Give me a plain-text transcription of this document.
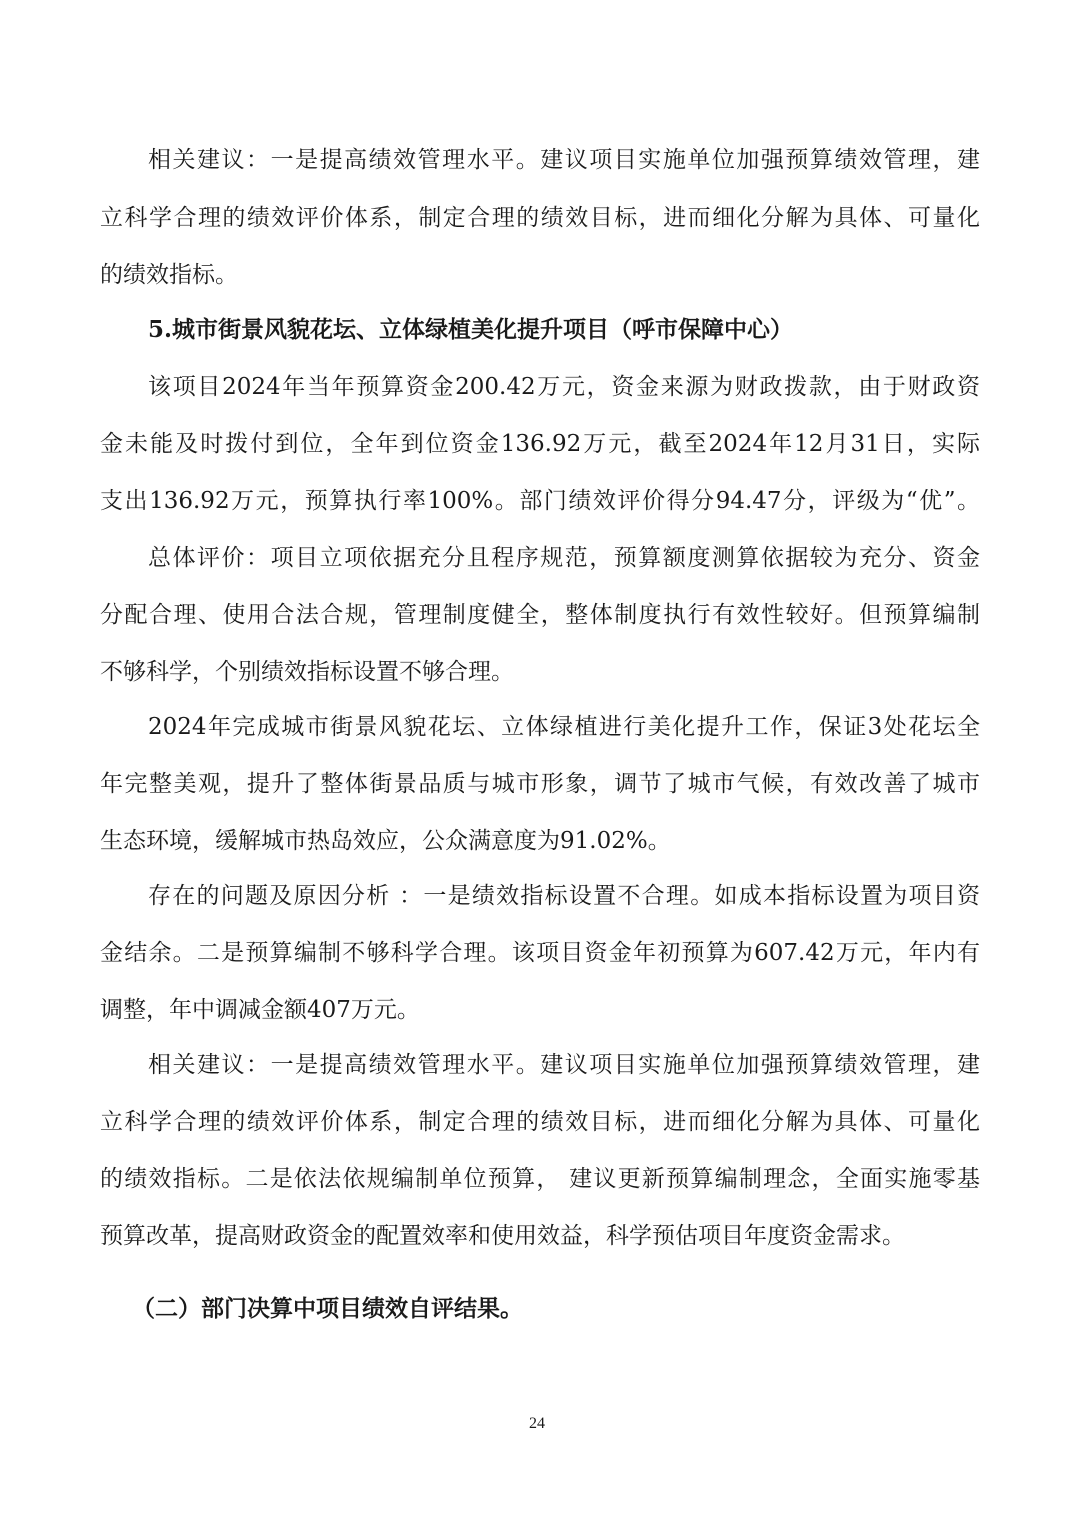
相关建议：一是提高绩效管理水平。建议项目实施单位加强预算绩效管理，建
立科学合理的绩效评价体系，制定合理的绩效目标，进而细化分解为具体、可量化
的绩效指标。
5.城市街景风貌花坛、立体绿植美化提升项目（呼市保障中心）
该项目2024年当年预算资金200.42万元，资金来源为财政拨款，由于财政资
金未能及时拨付到位，全年到位资金136.92万元，截至2024年12月31日，实际
支出136.92万元，预算执行率100%。部门绩效评价得分94.47分，评级为“优”。
总体评价：项目立项依据充分且程序规范，预算额度测算依据较为充分、资金
分配合理、使用合法合规，管理制度健全，整体制度执行有效性较好。但预算编制
不够科学，个别绩效指标设置不够合理。
2024年完成城市街景风貌花坛、立体绿植进行美化提升工作，保证3处花坛全
年完整美观，提升了整体街景品质与城市形象，调节了城市气候，有效改善了城市
生态环境，缓解城市热岛效应，公众满意度为91.02%。
存在的问题及原因分析 ：一是绩效指标设置不合理。如成本指标设置为项目资
金结余。二是预算编制不够科学合理。该项目资金年初预算为607.42万元，年内有
调整，年中调减金额407万元。
相关建议：一是提高绩效管理水平。建议项目实施单位加强预算绩效管理，建
立科学合理的绩效评价体系，制定合理的绩效目标，进而细化分解为具体、可量化
的绩效指标。二是依法依规编制单位预算， 建议更新预算编制理念，全面实施零基
预算改革，提高财政资金的配置效率和使用效益，科学预估项目年度资金需求。
（二）部门决算中项目绩效自评结果。
24
